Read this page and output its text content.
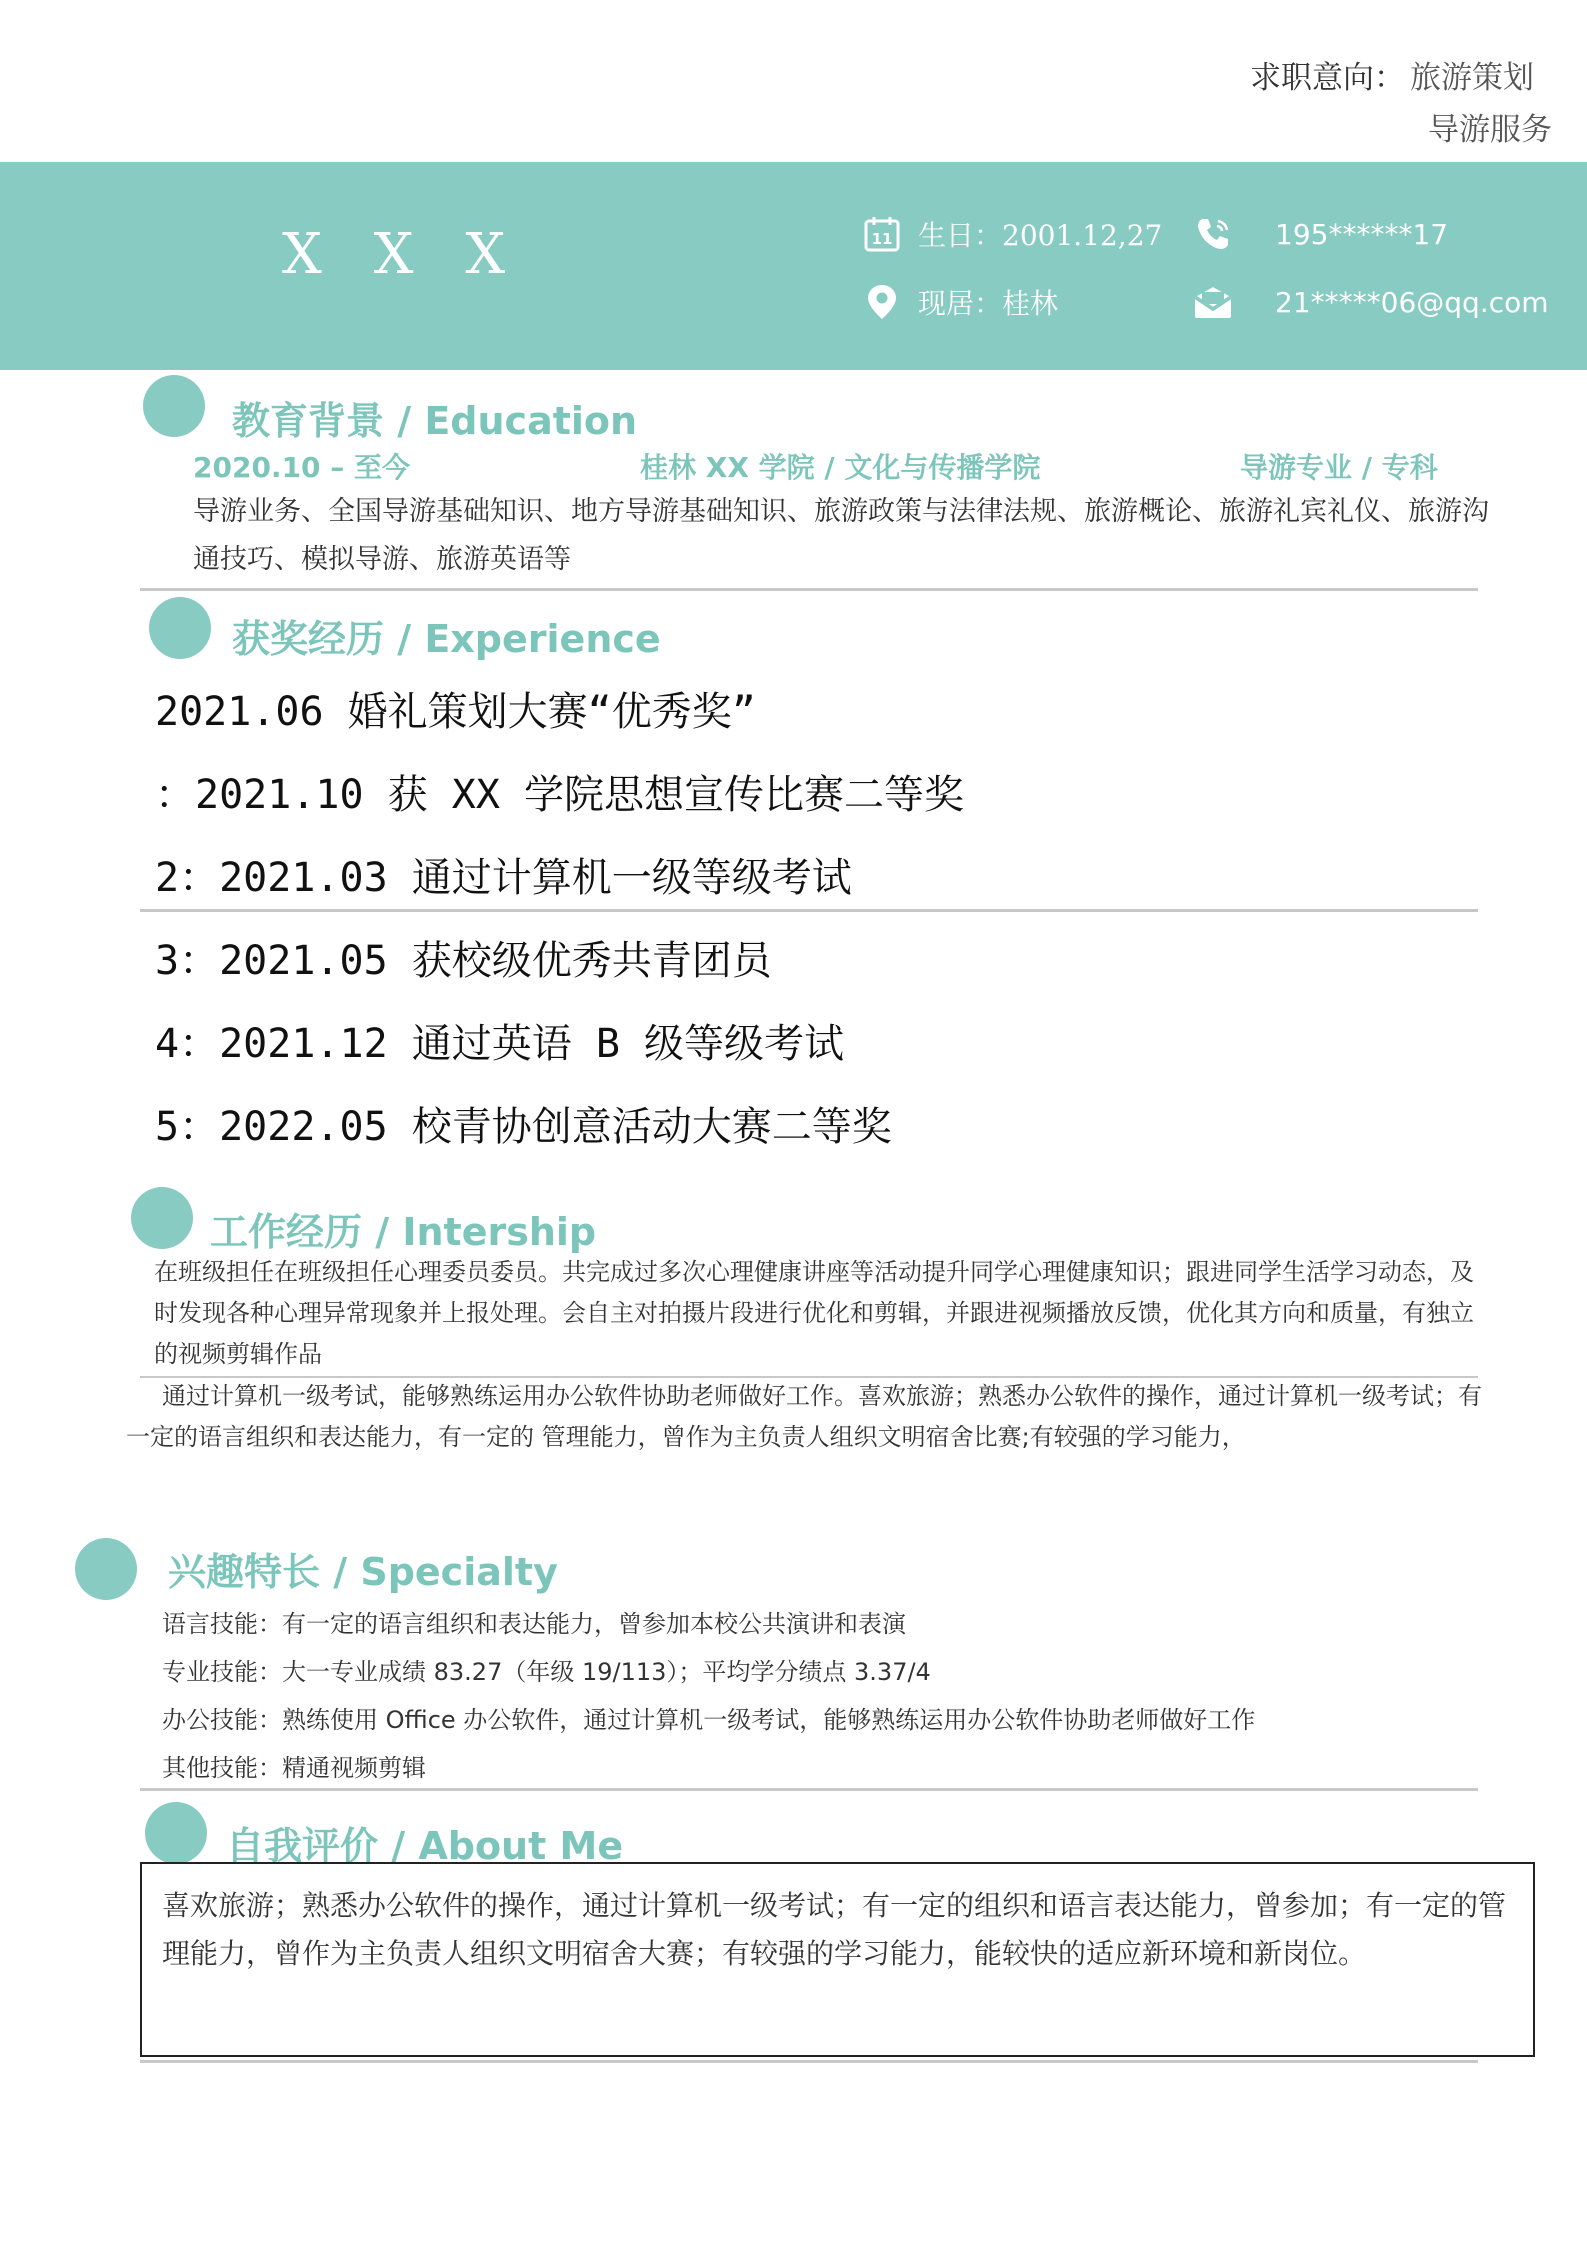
求职意向： 旅游策划
导游服务
X X X	11 生日：2001.12,27	195******17
现居：桂林	21*****06@qq.com
教育背景 / Education
2020.10 – 至今	桂林 XX 学院 / 文化与传播学院	导游专业 / 专科
导游业务、全国导游基础知识、地方导游基础知识、旅游政策与法律法规、旅游概论、旅游礼宾礼仪、旅游沟
通技巧、模拟导游、旅游英语等
获奖经历 / Experience
2021.06 婚礼策划大赛“优秀奖”
：2021.10 获 XX 学院思想宣传比赛二等奖
2：2021.03 通过计算机一级等级考试
3：2021.05 获校级优秀共青团员
4：2021.12 通过英语 B 级等级考试
5：2022.05 校青协创意活动大赛二等奖
工作经历 / Intership
在班级担任在班级担任心理委员委员。共完成过多次心理健康讲座等活动提升同学心理健康知识；跟进同学生活学习动态，及
时发现各种心理异常现象并上报处理。会自主对拍摄片段进行优化和剪辑，并跟进视频播放反馈，优化其方向和质量，有独立
的视频剪辑作品
通过计算机一级考试，能够熟练运用办公软件协助老师做好工作。喜欢旅游；熟悉办公软件的操作，通过计算机一级考试；有
一定的语言组织和表达能力，有一定的 管理能力，曾作为主负责人组织文明宿舍比赛;有较强的学习能力，
兴趣特长 / Specialty
语言技能：有一定的语言组织和表达能力，曾参加本校公共演讲和表演
专业技能：大一专业成绩 83.27（年级 19/113）；平均学分绩点 3.37/4
办公技能：熟练使用 Office 办公软件，通过计算机一级考试，能够熟练运用办公软件协助老师做好工作
其他技能：精通视频剪辑
自我评价 / About Me
喜欢旅游；熟悉办公软件的操作，通过计算机一级考试；有一定的组织和语言表达能力，曾参加；有一定的管
理能力，曾作为主负责人组织文明宿舍大赛；有较强的学习能力，能较快的适应新环境和新岗位。
